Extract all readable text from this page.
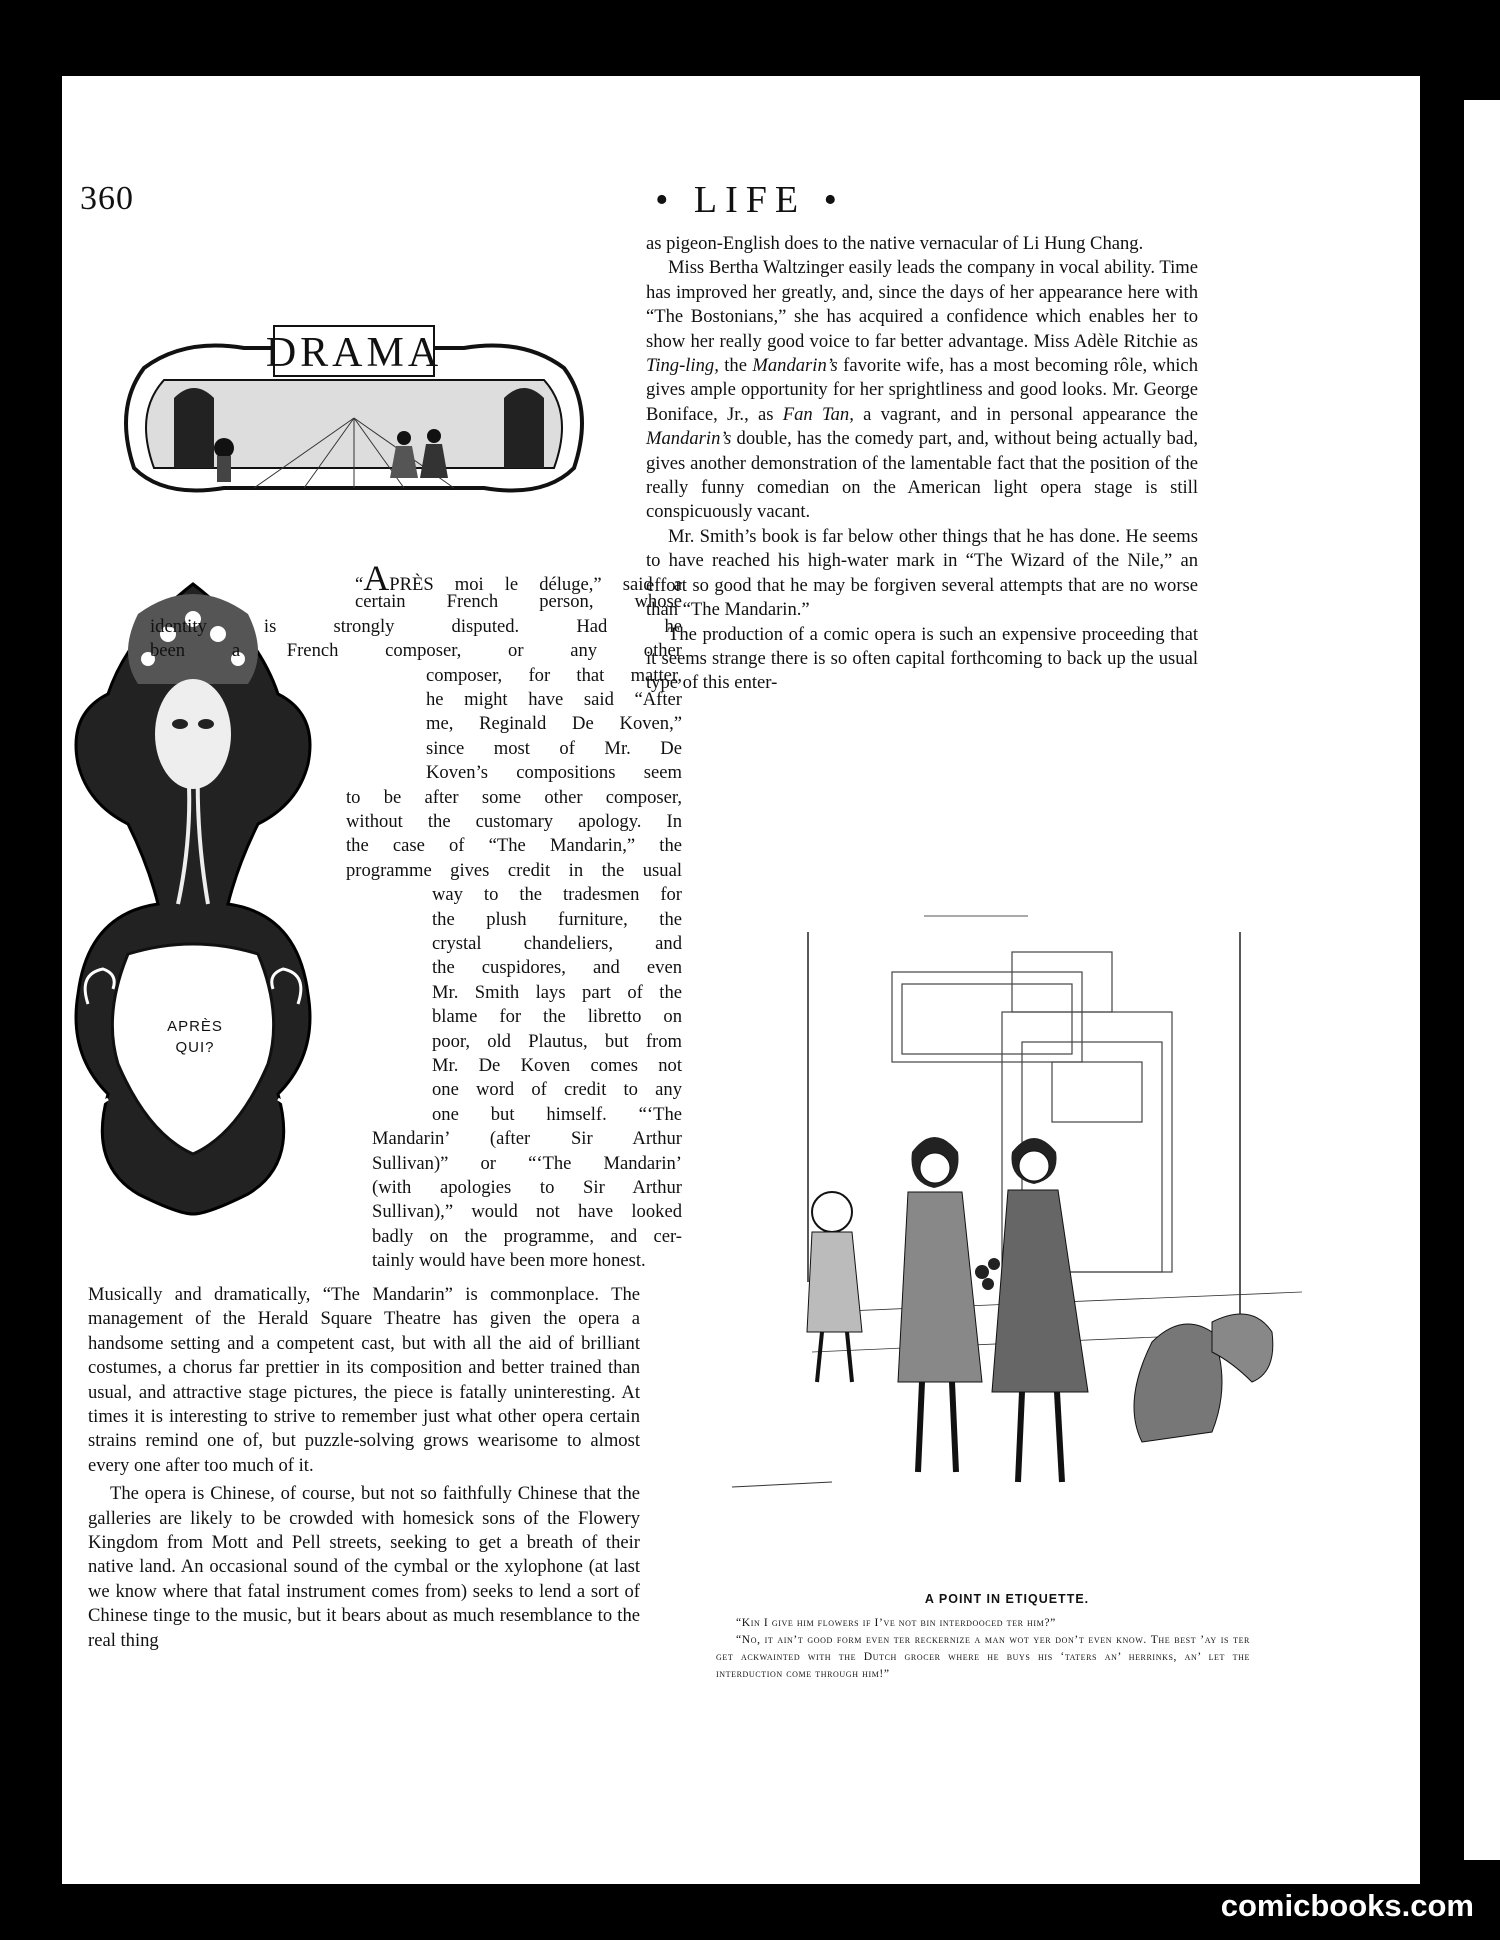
360	• LIFE •
DRAMA
APRÈS
QUI?
“APRÈS moi le déluge,” said a
certain French person, whose
identity is strongly disputed. Had he
been a French composer, or any other
composer, for that matter,
he might have said “After
me, Reginald De Koven,”
since most of Mr. De
Koven’s compositions seem
to be after some other composer,
without the customary apology. In
the case of “The Mandarin,” the
programme gives credit in the usual
way to the tradesmen for
the plush furniture, the
crystal chandeliers, and
the cuspidores, and even
Mr. Smith lays part of the
blame for the libretto on
poor, old Plautus, but from
Mr. De Koven comes not
one word of credit to any
one but himself. “‘The
Mandarin’ (after Sir Arthur
Sullivan)” or “‘The Mandarin’
(with apologies to Sir Arthur
Sullivan),” would not have looked
badly on the programme, and cer-
tainly would have been more honest.

Musically and dramatically, “The Mandarin” is commonplace. The management of the Herald Square Theatre has given the opera a handsome setting and a competent cast, but with all the aid of brilliant costumes, a chorus far prettier in its composition and better trained than usual, and attractive stage pictures, the piece is fatally uninteresting. At times it is interesting to strive to remember just what other opera certain strains remind one of, but puzzle-solving grows wearisome to almost every one after too much of it.

The opera is Chinese, of course, but not so faithfully Chinese that the galleries are likely to be crowded with homesick sons of the Flowery Kingdom from Mott and Pell streets, seeking to get a breath of their native land. An occasional sound of the cymbal or the xylophone (at last we know where that fatal instrument comes from) seeks to lend a sort of Chinese tinge to the music, but it bears about as much resemblance to the real thing

as pigeon-English does to the native vernacular of Li Hung Chang.

Miss Bertha Waltzinger easily leads the company in vocal ability. Time has improved her greatly, and, since the days of her appearance here with “The Bostonians,” she has acquired a confidence which enables her to show her really good voice to far better advantage. Miss Adèle Ritchie as Ting-ling, the Mandarin’s favorite wife, has a most becoming rôle, which gives ample opportunity for her sprightliness and good looks. Mr. George Boniface, Jr., as Fan Tan, a vagrant, and in personal appearance the Mandarin’s double, has the comedy part, and, without being actually bad, gives another demonstration of the lamentable fact that the position of the really funny comedian on the American light opera stage is still conspicuously vacant.

Mr. Smith’s book is far below other things that he has done. He seems to have reached his high-water mark in “The Wizard of the Nile,” an effort so good that he may be forgiven several attempts that are no worse than “The Mandarin.”

The production of a comic opera is such an expensive proceeding that it seems strange there is so often capital forthcoming to back up the usual type of this enter-

A POINT IN ETIQUETTE.

“Kin I give him flowers if I’ve not bin interdooced ter him?”

“No, it ain’t good form even ter reckernize a man wot yer don’t even know. The best ’ay is ter get ackwainted with the Dutch grocer where he buys his ‘taters an’ herrinks, an’ let the interduction come through him!”

comicbooks.com
